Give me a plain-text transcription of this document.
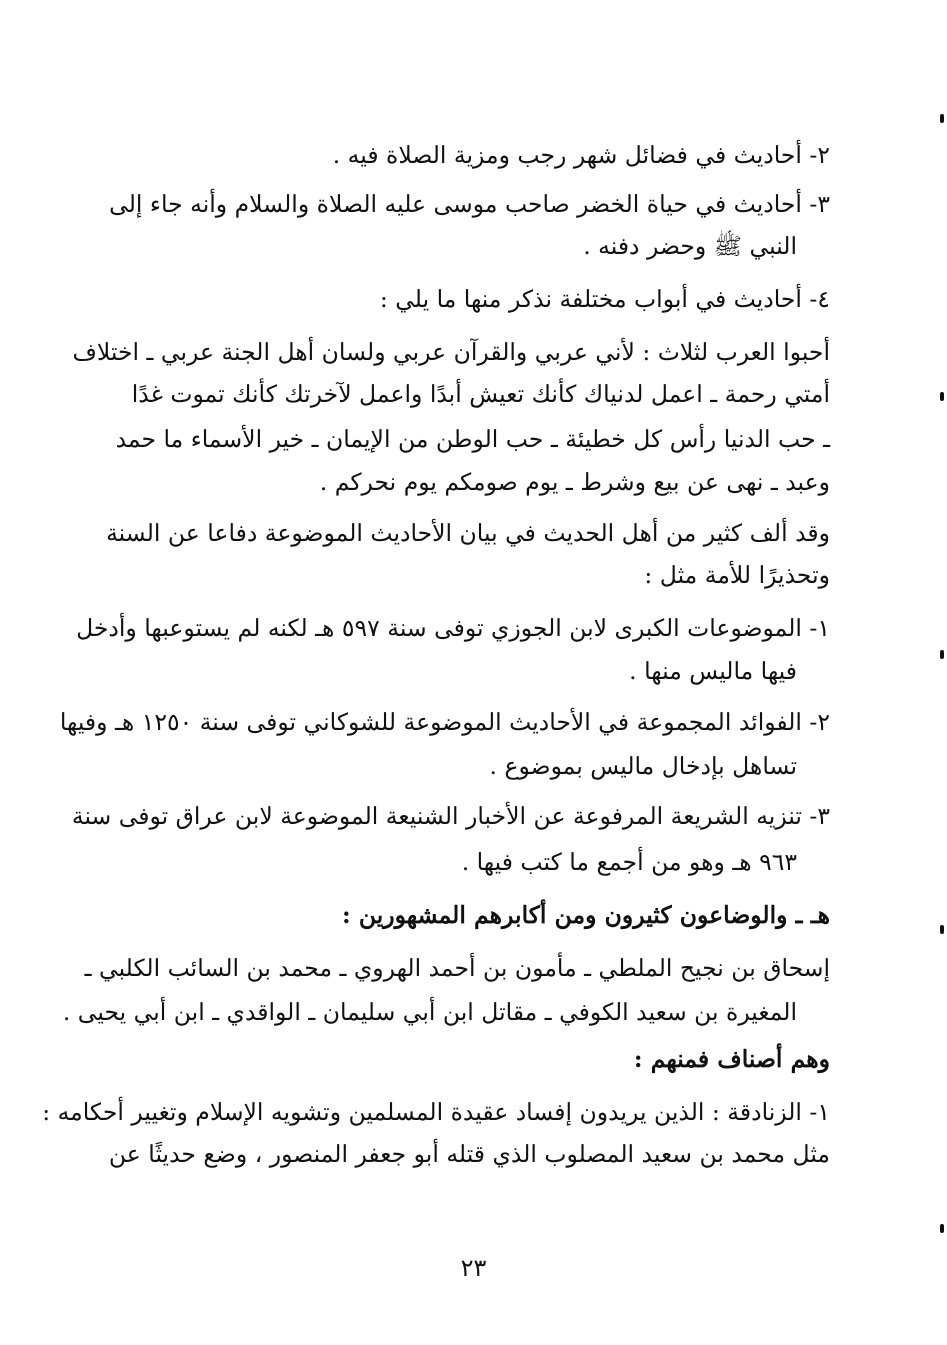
٢- أحاديث في فضائل شهر رجب ومزية الصلاة فيه .
٣- أحاديث في حياة الخضر صاحب موسى عليه الصلاة والسلام وأنه جاء إلى
النبي ﷺ وحضر دفنه .
٤- أحاديث في أبواب مختلفة نذكر منها ما يلي :
أحبوا العرب لثلاث : لأني عربي والقرآن عربي ولسان أهل الجنة عربي ـ اختلاف
أمتي رحمة ـ اعمل لدنياك كأنك تعيش أبدًا واعمل لآخرتك كأنك تموت غدًا
ـ حب الدنيا رأس كل خطيئة ـ حب الوطن من الإيمان ـ خير الأسماء ما حمد
وعبد ـ نهى عن بيع وشرط ـ يوم صومكم يوم نحركم .
وقد ألف كثير من أهل الحديث في بيان الأحاديث الموضوعة دفاعا عن السنة
وتحذيرًا للأمة مثل :
١- الموضوعات الكبرى لابن الجوزي توفى سنة ٥٩٧ هـ لكنه لم يستوعبها وأدخل
فيها ماليس منها .
٢- الفوائد المجموعة في الأحاديث الموضوعة للشوكاني توفى سنة ١٢٥٠ هـ وفيها
تساهل بإدخال ماليس بموضوع .
٣- تنزيه الشريعة المرفوعة عن الأخبار الشنيعة الموضوعة لابن عراق توفى سنة
٩٦٣ هـ وهو من أجمع ما كتب فيها .
هـ ـ والوضاعون كثيرون ومن أكابرهم المشهورين :
إسحاق بن نجيح الملطي ـ مأمون بن أحمد الهروي ـ محمد بن السائب الكلبي ـ
المغيرة بن سعيد الكوفي ـ مقاتل ابن أبي سليمان ـ الواقدي ـ ابن أبي يحيى .
وهم أصناف فمنهم :
١- الزنادقة : الذين يريدون إفساد عقيدة المسلمين وتشويه الإسلام وتغيير أحكامه :
مثل محمد بن سعيد المصلوب الذي قتله أبو جعفر المنصور ، وضع حديثًا عن
٢٣
